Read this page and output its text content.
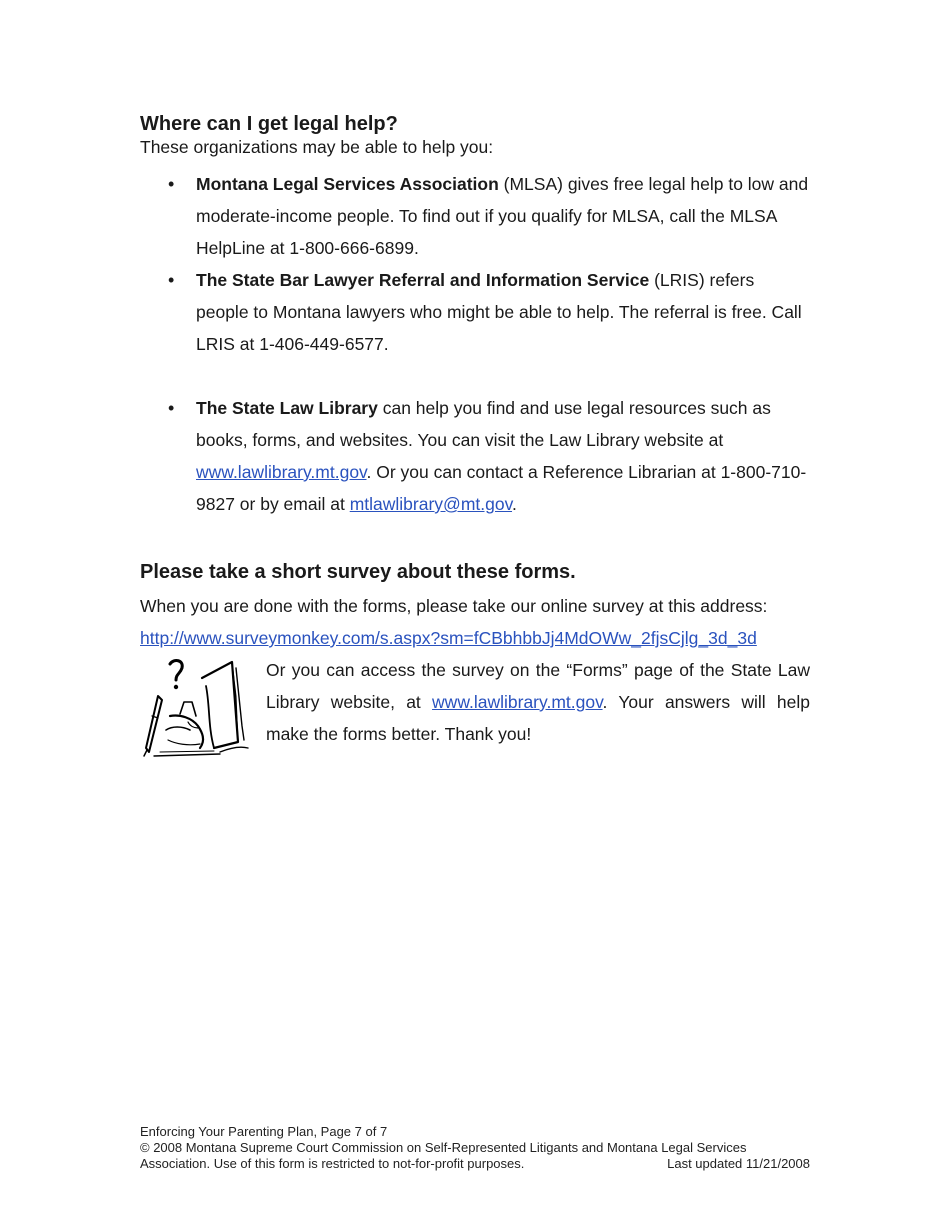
Where can I get legal help?

These organizations may be able to help you:

• Montana Legal Services Association (MLSA) gives free legal help to low and moderate-income people. To find out if you qualify for MLSA, call the MLSA HelpLine at 1-800-666-6899.
• The State Bar Lawyer Referral and Information Service (LRIS) refers people to Montana lawyers who might be able to help. The referral is free. Call LRIS at 1-406-449-6577.
• The State Law Library can help you find and use legal resources such as books, forms, and websites. You can visit the Law Library website at www.lawlibrary.mt.gov. Or you can contact a Reference Librarian at 1-800-710-9827 or by email at mtlawlibrary@mt.gov.
Please take a short survey about these forms.

When you are done with the forms, please take our online survey at this address:

http://www.surveymonkey.com/s.aspx?sm=fCBbhbbJj4MdOWw_2fjsCjlg_3d_3d

Or you can access the survey on the “Forms” page of the State Law Library website, at www.lawlibrary.mt.gov. Your answers will help make the forms better. Thank you!
Enforcing Your Parenting Plan, Page 7 of 7
© 2008 Montana Supreme Court Commission on Self-Represented Litigants and Montana Legal Services
Association. Use of this form is restricted to not-for-profit purposes.	Last updated 11/21/2008
